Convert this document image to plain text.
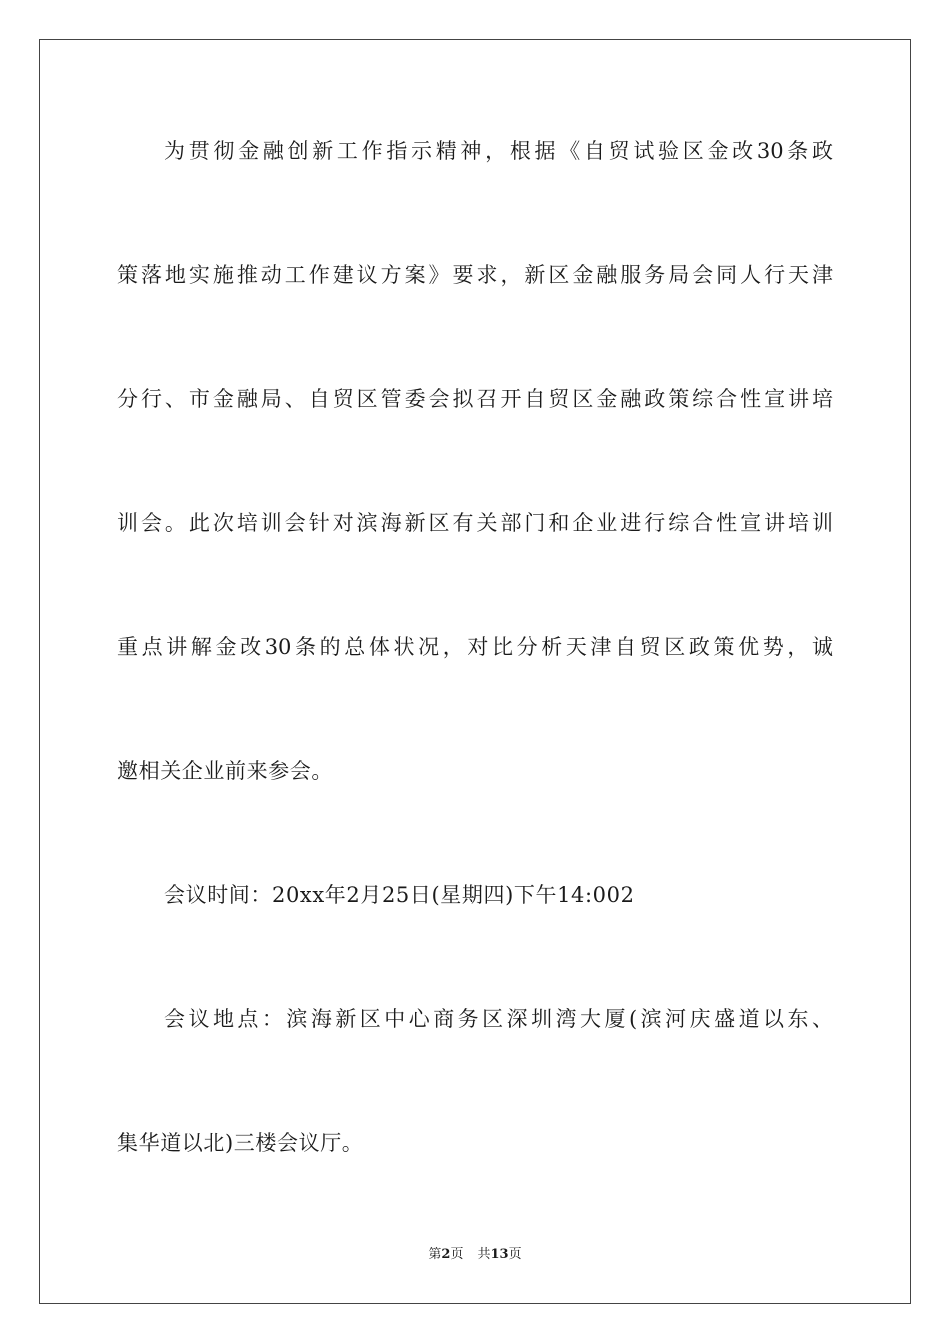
为贯彻金融创新工作指示精神，根据《自贸试验区金改30条政
策落地实施推动工作建议方案》要求，新区金融服务局会同人行天津
分行、市金融局、自贸区管委会拟召开自贸区金融政策综合性宣讲培
训会。此次培训会针对滨海新区有关部门和企业进行综合性宣讲培训
重点讲解金改30条的总体状况，对比分析天津自贸区政策优势，诚
邀相关企业前来参会。
会议时间：20xx年2月25日(星期四)下午14:002
会议地点：滨海新区中心商务区深圳湾大厦(滨河庆盛道以东、
集华道以北)三楼会议厅。
第2页 共13页
